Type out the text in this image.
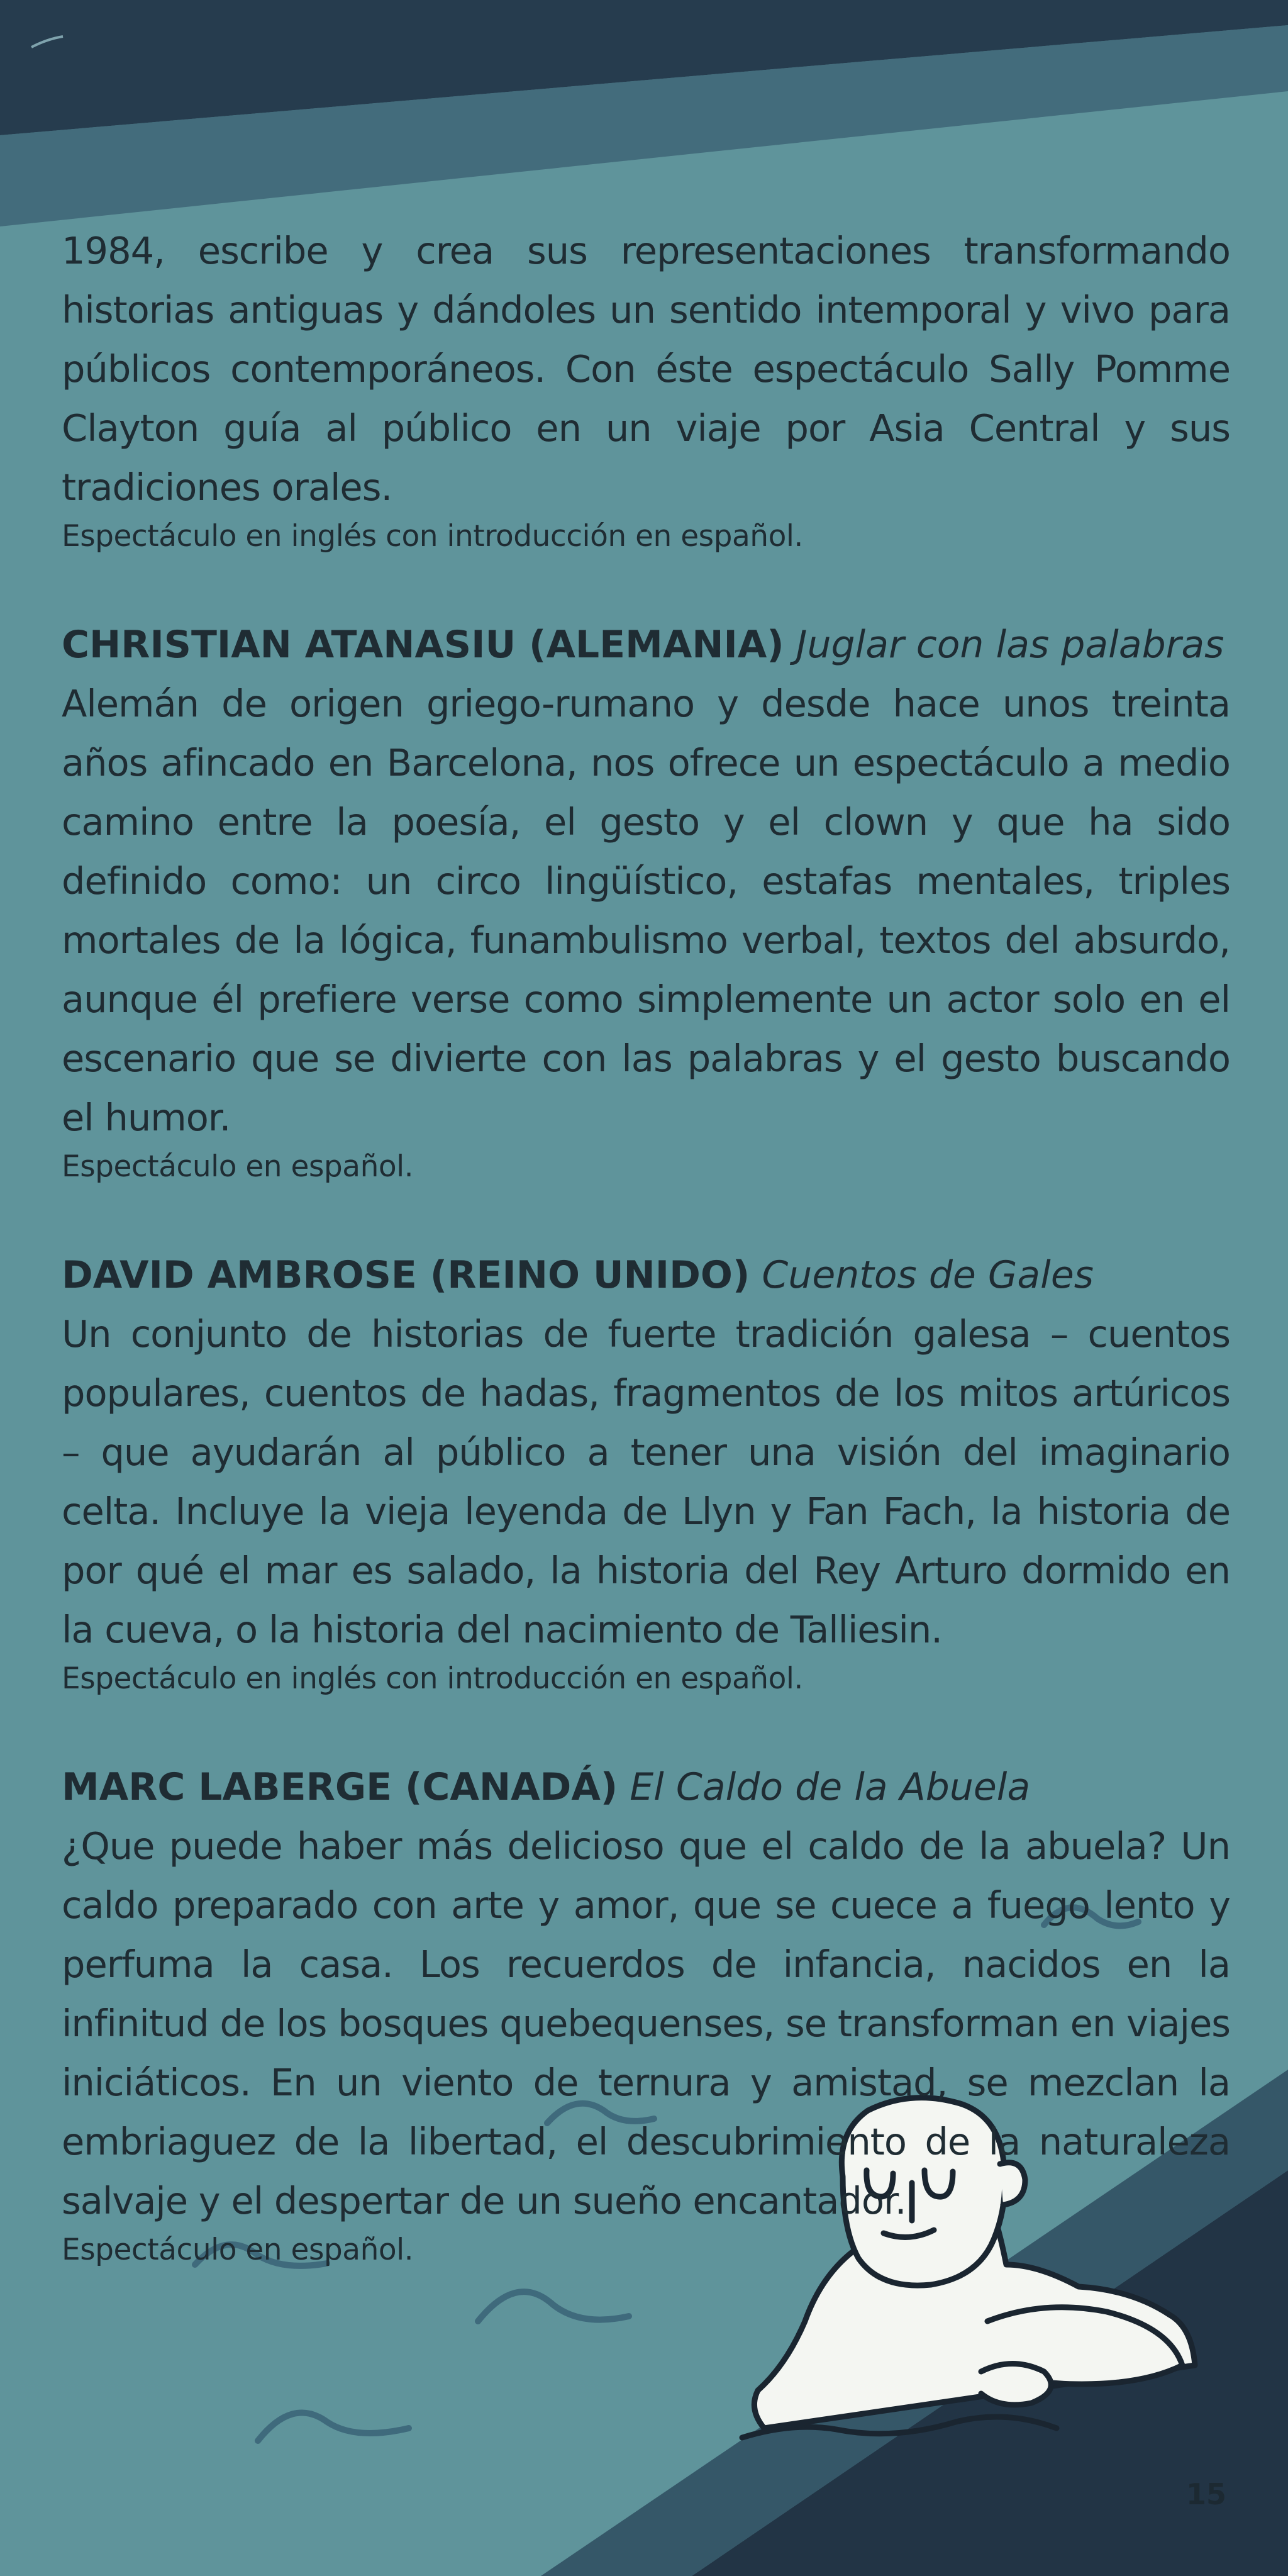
1984, escribe y crea sus representaciones transformando historias antiguas y dándoles un sentido intemporal y vivo para públicos contemporáneos. Con éste espectáculo Sally Pomme Clayton guía al público en un viaje por Asia Central y sus tradiciones orales.

Espectáculo en inglés con introducción en español.

CHRISTIAN ATANASIU (ALEMANIA) Juglar con las palabras

Alemán de origen griego-rumano y desde hace unos treinta años afincado en Barcelona, nos ofrece un espectáculo a medio camino entre la poesía, el gesto y el clown y que ha sido definido como: un circo lingüístico, estafas mentales, triples mortales de la lógica, funambulismo verbal, textos del absurdo, aunque él prefiere verse como simplemente un actor solo en el escenario que se divierte con las palabras y el gesto buscando el humor.

Espectáculo en español.

DAVID AMBROSE (REINO UNIDO) Cuentos de Gales

Un conjunto de historias de fuerte tradición galesa – cuentos populares, cuentos de hadas, fragmentos de los mitos artúricos – que ayudarán al público a tener una visión del imaginario celta. Incluye la vieja leyenda de Llyn y Fan Fach, la historia de por qué el mar es salado, la historia del Rey Arturo dormido en la cueva, o la historia del nacimiento de Talliesin.

Espectáculo en inglés con introducción en español.

MARC LABERGE (CANADÁ) El Caldo de la Abuela

¿Que puede haber más delicioso que el caldo de la abuela? Un caldo preparado con arte y amor, que se cuece a fuego lento y perfuma la casa. Los recuerdos de infancia, nacidos en la infinitud de los bosques quebequenses, se transforman en viajes iniciáticos. En un viento de ternura y amistad, se mezclan la embriaguez de la libertad, el descubrimiento de la naturaleza salvaje y el despertar de un sueño encantador.

Espectáculo en español.

15
